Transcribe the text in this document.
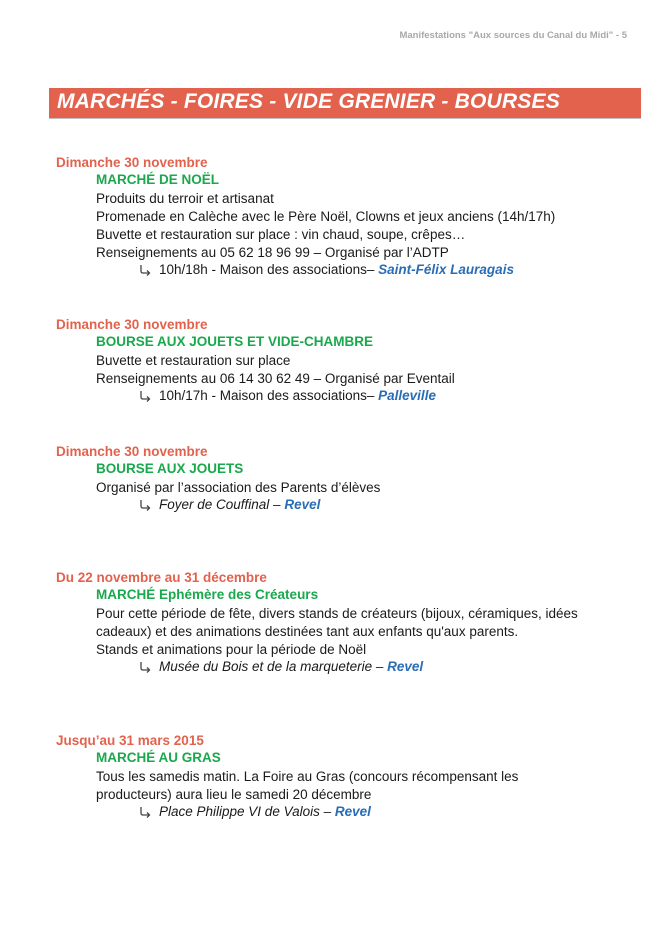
Manifestations "Aux sources du Canal du Midi" - 5
MARCHÉS - FOIRES - VIDE GRENIER - BOURSES
Dimanche 30 novembre
MARCHÉ DE NOËL
Produits du terroir et artisanat
Promenade en Calèche avec le Père Noël, Clowns et jeux anciens (14h/17h)
Buvette et restauration sur place : vin chaud, soupe, crêpes…
Renseignements au 05 62 18 96 99 – Organisé par l’ADTP
10h/18h - Maison des associations–
Saint-Félix Lauragais
Dimanche 30 novembre
BOURSE AUX JOUETS ET VIDE-CHAMBRE
Buvette et restauration sur place
Renseignements au 06 14 30 62 49 – Organisé par Eventail
10h/17h - Maison des associations–
Palleville
Dimanche 30 novembre
BOURSE AUX JOUETS
Organisé par l’association des Parents d’élèves
Foyer de Couffinal –
Revel
Du 22 novembre au 31 décembre
MARCHÉ Ephémère des Créateurs
Pour cette période de fête, divers stands de créateurs (bijoux, céramiques, idées
cadeaux) et des animations destinées tant aux enfants qu'aux parents.
Stands et animations pour la période de Noël
Musée du Bois et de la marqueterie –
Revel
Jusqu’au 31 mars 2015
MARCHÉ AU GRAS
Tous les samedis matin. La Foire au Gras (concours récompensant les
producteurs) aura lieu le samedi 20 décembre
Place Philippe VI de Valois –
Revel
